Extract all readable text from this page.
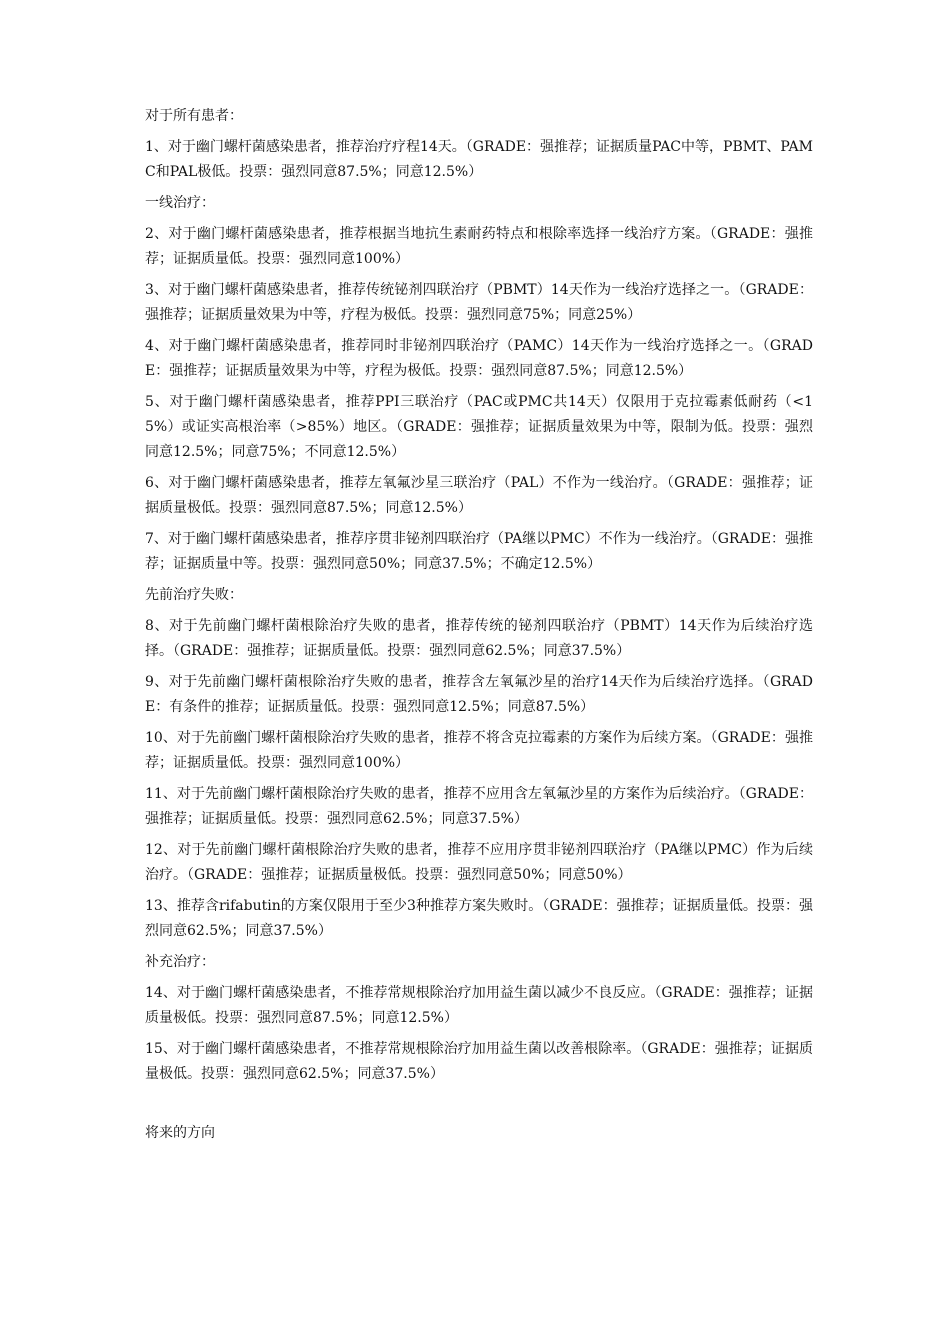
对于所有患者：
1、对于幽门螺杆菌感染患者，推荐治疗疗程14天。（GRADE：强推荐；证据质量PAC中等，PBMT、PAMC和PAL极低。投票：强烈同意87.5%；同意12.5%）
一线治疗：
2、对于幽门螺杆菌感染患者，推荐根据当地抗生素耐药特点和根除率选择一线治疗方案。（GRADE：强推荐；证据质量低。投票：强烈同意100%）
3、对于幽门螺杆菌感染患者，推荐传统铋剂四联治疗（PBMT）14天作为一线治疗选择之一。（GRADE：强推荐；证据质量效果为中等，疗程为极低。投票：强烈同意75%；同意25%）
4、对于幽门螺杆菌感染患者，推荐同时非铋剂四联治疗（PAMC）14天作为一线治疗选择之一。（GRADE：强推荐；证据质量效果为中等，疗程为极低。投票：强烈同意87.5%；同意12.5%）
5、对于幽门螺杆菌感染患者，推荐PPI三联治疗（PAC或PMC共14天）仅限用于克拉霉素低耐药（<15%）或证实高根治率（>85%）地区。（GRADE：强推荐；证据质量效果为中等，限制为低。投票：强烈同意12.5%；同意75%；不同意12.5%）
6、对于幽门螺杆菌感染患者，推荐左氧氟沙星三联治疗（PAL）不作为一线治疗。（GRADE：强推荐；证据质量极低。投票：强烈同意87.5%；同意12.5%）
7、对于幽门螺杆菌感染患者，推荐序贯非铋剂四联治疗（PA继以PMC）不作为一线治疗。（GRADE：强推荐；证据质量中等。投票：强烈同意50%；同意37.5%；不确定12.5%）
先前治疗失败：
8、对于先前幽门螺杆菌根除治疗失败的患者，推荐传统的铋剂四联治疗（PBMT）14天作为后续治疗选择。（GRADE：强推荐；证据质量低。投票：强烈同意62.5%；同意37.5%）
9、对于先前幽门螺杆菌根除治疗失败的患者，推荐含左氧氟沙星的治疗14天作为后续治疗选择。（GRADE：有条件的推荐；证据质量低。投票：强烈同意12.5%；同意87.5%）
10、对于先前幽门螺杆菌根除治疗失败的患者，推荐不将含克拉霉素的方案作为后续方案。（GRADE：强推荐；证据质量低。投票：强烈同意100%）
11、对于先前幽门螺杆菌根除治疗失败的患者，推荐不应用含左氧氟沙星的方案作为后续治疗。（GRADE：强推荐；证据质量低。投票：强烈同意62.5%；同意37.5%）
12、对于先前幽门螺杆菌根除治疗失败的患者，推荐不应用序贯非铋剂四联治疗（PA继以PMC）作为后续治疗。（GRADE：强推荐；证据质量极低。投票：强烈同意50%；同意50%）
13、推荐含rifabutin的方案仅限用于至少3种推荐方案失败时。（GRADE：强推荐；证据质量低。投票：强烈同意62.5%；同意37.5%）
补充治疗：
14、对于幽门螺杆菌感染患者，不推荐常规根除治疗加用益生菌以减少不良反应。（GRADE：强推荐；证据质量极低。投票：强烈同意87.5%；同意12.5%）
15、对于幽门螺杆菌感染患者，不推荐常规根除治疗加用益生菌以改善根除率。（GRADE：强推荐；证据质量极低。投票：强烈同意62.5%；同意37.5%）
将来的方向
